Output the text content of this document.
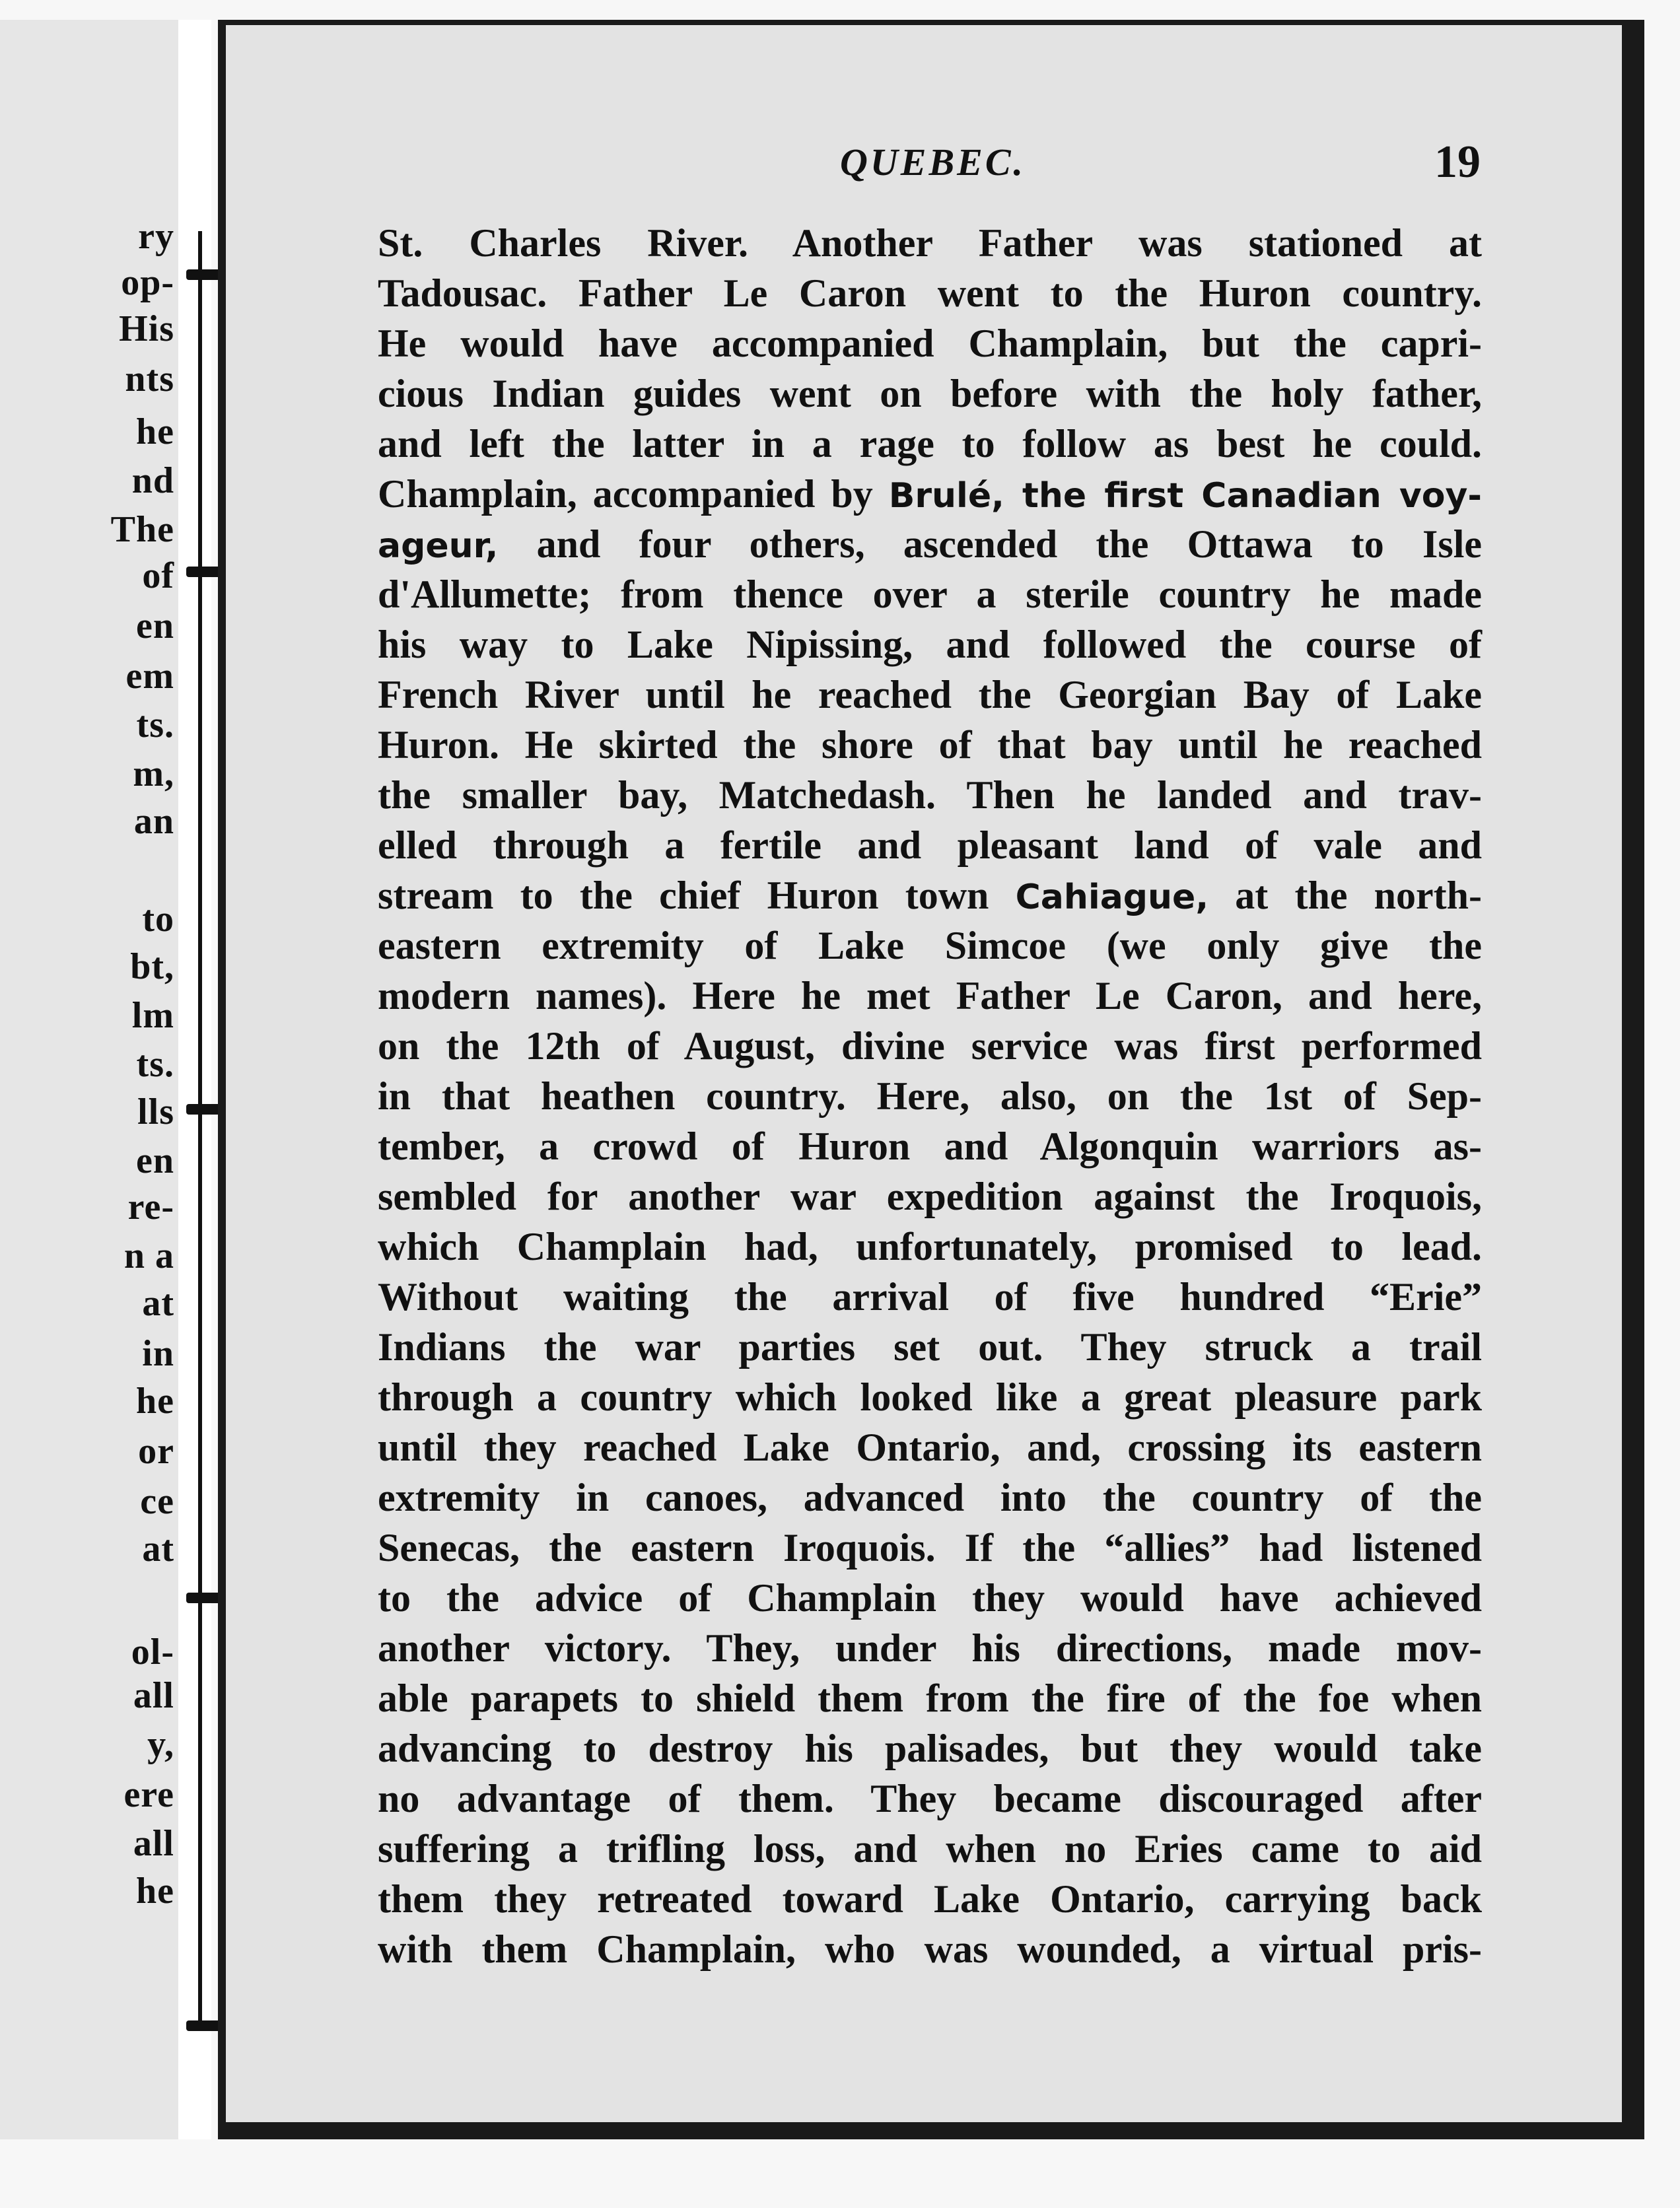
ry
op-
His
nts
he
nd
The
of
en
em
ts.
m,
an
to
bt,
lm
ts.
lls
en
re-
n a
at
in
he
or
ce
at
ol-
all
y,
ere
all
he
QUEBEC.	19
St. Charles River. Another Father was stationed at
Tadousac. Father Le Caron went to the Huron country.
He would have accompanied Champlain, but the capri-
cious Indian guides went on before with the holy father,
and left the latter in a rage to follow as best he could.
Champlain, accompanied by Brulé, the first Canadian voy-
ageur, and four others, ascended the Ottawa to Isle
d'Allumette; from thence over a sterile country he made
his way to Lake Nipissing, and followed the course of
French River until he reached the Georgian Bay of Lake
Huron. He skirted the shore of that bay until he reached
the smaller bay, Matchedash. Then he landed and trav-
elled through a fertile and pleasant land of vale and
stream to the chief Huron town Cahiague, at the north-
eastern extremity of Lake Simcoe (we only give the
modern names). Here he met Father Le Caron, and here,
on the 12th of August, divine service was first performed
in that heathen country. Here, also, on the 1st of Sep-
tember, a crowd of Huron and Algonquin warriors as-
sembled for another war expedition against the Iroquois,
which Champlain had, unfortunately, promised to lead.
Without waiting the arrival of five hundred “Erie”
Indians the war parties set out. They struck a trail
through a country which looked like a great pleasure park
until they reached Lake Ontario, and, crossing its eastern
extremity in canoes, advanced into the country of the
Senecas, the eastern Iroquois. If the “allies” had listened
to the advice of Champlain they would have achieved
another victory. They, under his directions, made mov-
able parapets to shield them from the fire of the foe when
advancing to destroy his palisades, but they would take
no advantage of them. They became discouraged after
suffering a trifling loss, and when no Eries came to aid
them they retreated toward Lake Ontario, carrying back
with them Champlain, who was wounded, a virtual pris-
